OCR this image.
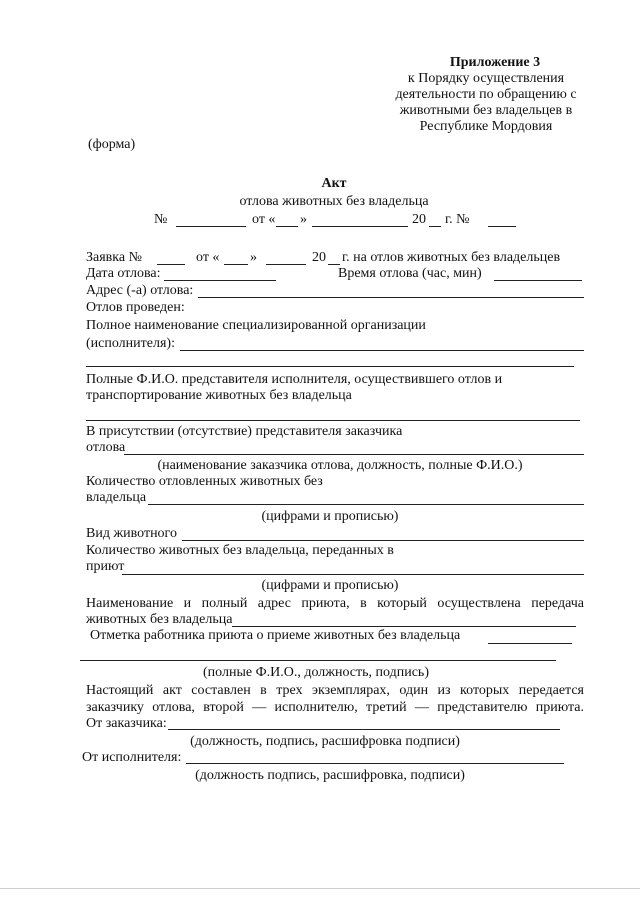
Приложение 3
к Порядку осуществления
деятельности по обращению с
животными без владельцев в
Республике Мордовия
(форма)
Акт
отлова животных без владельца
№	от « »	20 г. №
Заявка №	от « »	20 г. на отлов животных без владельцев
Дата отлова:	Время отлова (час, мин)
Адрес (-а) отлова:
Отлов проведен:
Полное наименование специализированной организации
(исполнителя):
Полные Ф.И.О. представителя исполнителя, осуществившего отлов и
транспортирование животных без владельца
В присутствии (отсутствие) представителя заказчика
отлова
(наименование заказчика отлова, должность, полные Ф.И.О.)
Количество отловленных животных без
владельца
(цифрами и прописью)
Вид животного
Количество животных без владельца, переданных в
приют
(цифрами и прописью)
Наименование и полный адрес приюта, в который осуществлена передача
животных без владельца
Отметка работника приюта о приеме животных без владельца
(полные Ф.И.О., должность, подпись)
Настоящий акт составлен в трех экземплярах, один из которых передается
заказчику отлова, второй — исполнителю, третий — представителю приюта.
От заказчика:
(должность, подпись, расшифровка подписи)
От исполнителя:
(должность подпись, расшифровка, подписи)
